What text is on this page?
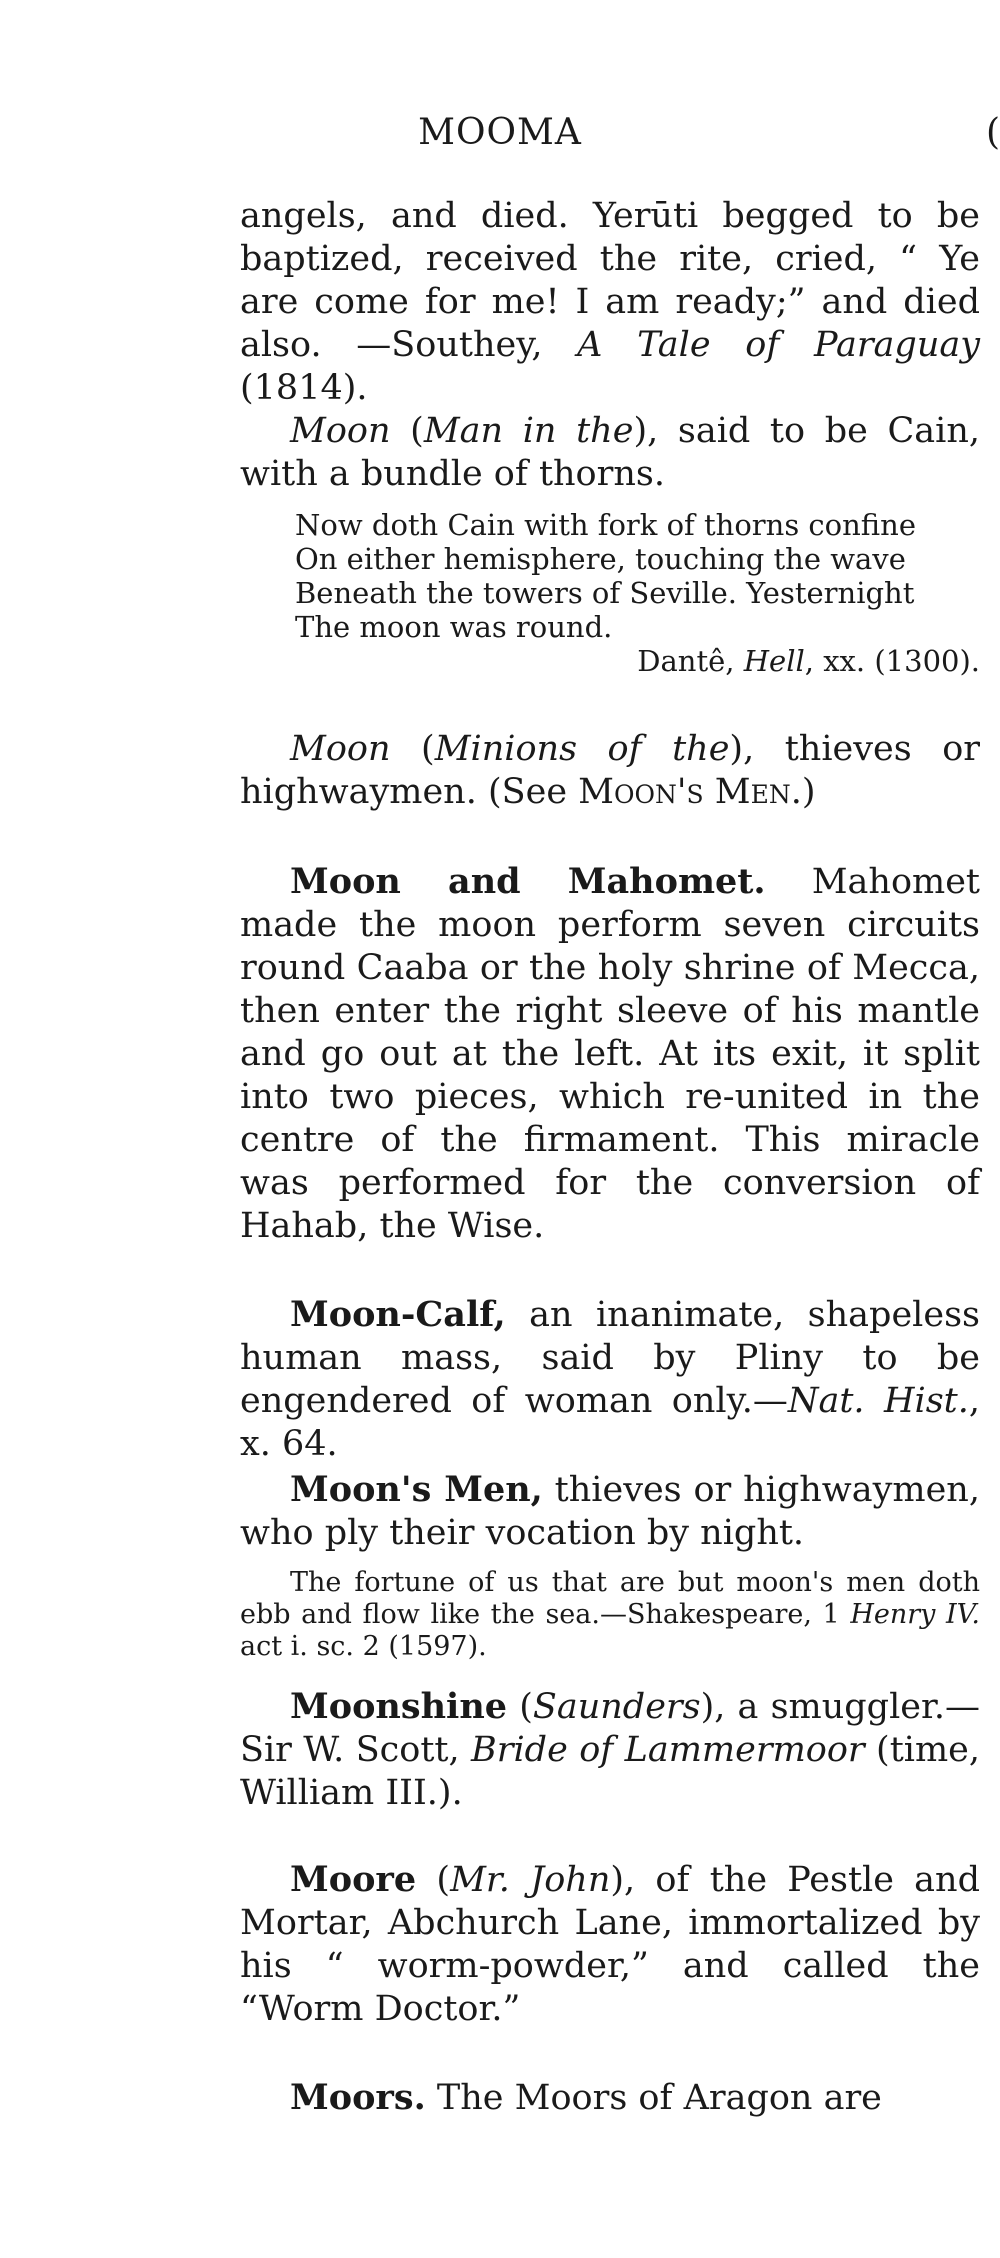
MOOMA	(

angels, and died. Yerūti begged to be baptized, received the rite, cried, “ Ye are come for me! I am ready;” and died also. —Southey, A Tale of Paraguay (1814).

Moon (Man in the), said to be Cain, with a bundle of thorns.

Now doth Cain with fork of thorns confine
On either hemisphere, touching the wave
Beneath the towers of Seville. Yesternight
The moon was round.
Dantê, Hell, xx. (1300).

Moon (Minions of the), thieves or highwaymen. (See Moon's Men.)

Moon and Mahomet. Mahomet made the moon perform seven circuits round Caaba or the holy shrine of Mecca, then enter the right sleeve of his mantle and go out at the left. At its exit, it split into two pieces, which re-united in the centre of the firmament. This miracle was performed for the conversion of Hahab, the Wise.

Moon-Calf, an inanimate, shapeless human mass, said by Pliny to be engendered of woman only.—Nat. Hist., x. 64.

Moon's Men, thieves or highwaymen, who ply their vocation by night.

The fortune of us that are but moon's men doth ebb and flow like the sea.—Shakespeare, 1 Henry IV. act i. sc. 2 (1597).

Moonshine (Saunders), a smuggler.—Sir W. Scott, Bride of Lammermoor (time, William III.).

Moore (Mr. John), of the Pestle and Mortar, Abchurch Lane, immortalized by his “ worm-powder,” and called the “Worm Doctor.”

Moors. The Moors of Aragon are
